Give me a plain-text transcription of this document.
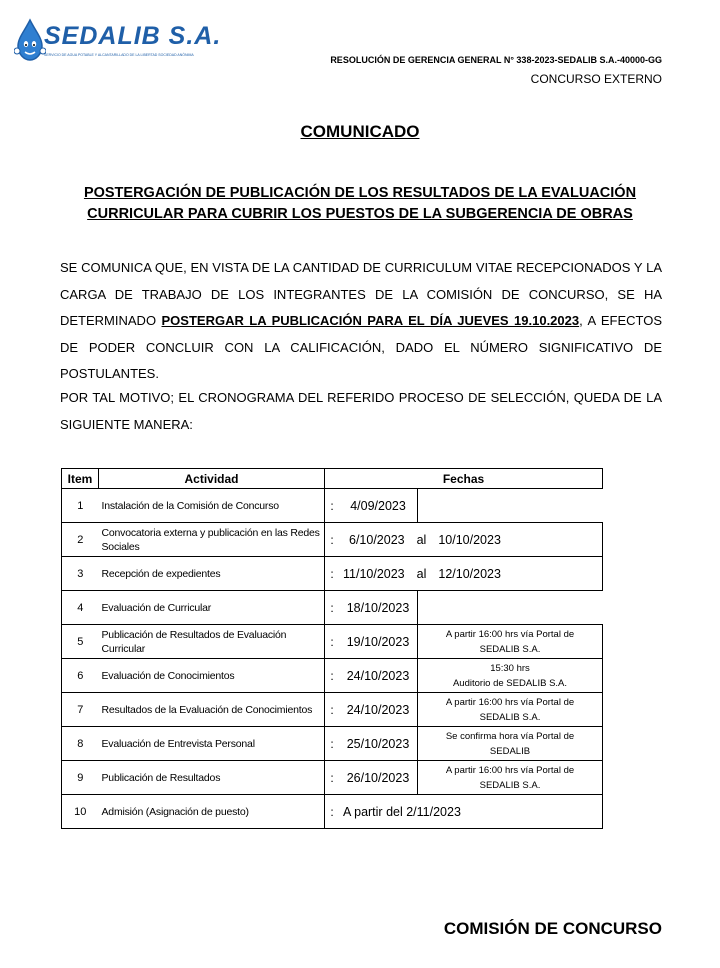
SEDALIB S.A.
SERVICIO DE AGUA POTABLE Y ALCANTARILLADO DE LA LIBERTAD SOCIEDAD ANÓNIMA	RESOLUCIÓN DE GERENCIA GENERAL N° 338-2023-SEDALIB S.A.-40000-GG
CONCURSO EXTERNO
COMUNICADO
POSTERGACIÓN DE PUBLICACIÓN DE LOS RESULTADOS DE LA EVALUACIÓN
CURRICULAR PARA CUBRIR LOS PUESTOS DE LA SUBGERENCIA DE OBRAS
SE COMUNICA QUE, EN VISTA DE LA CANTIDAD DE CURRICULUM VITAE RECEPCIONADOS Y LA CARGA DE TRABAJO DE LOS INTEGRANTES DE LA COMISIÓN DE CONCURSO, SE HA DETERMINADO POSTERGAR LA PUBLICACIÓN PARA EL DÍA JUEVES 19.10.2023, A EFECTOS DE PODER CONCLUIR CON LA CALIFICACIÓN, DADO EL NÚMERO SIGNIFICATIVO DE POSTULANTES.
POR TAL MOTIVO; EL CRONOGRAMA DEL REFERIDO PROCESO DE SELECCIÓN, QUEDA DE LA SIGUIENTE MANERA:
Item	Actividad	Fechas		
1	Instalación de la Comisión de Concurso	:	4/09/2023	
2	Convocatoria externa y publicación en las Redes Sociales	:	6/10/2023 al 10/10/2023	
3	Recepción de expedientes	:	11/10/2023 al 12/10/2023	
4	Evaluación de Curricular	:	18/10/2023	
5	Publicación de Resultados de Evaluación Curricular	:	19/10/2023	A partir 16:00 hrs vía Portal de
SEDALIB S.A.

6	Evaluación de Conocimientos	:	24/10/2023	15:30 hrs
Auditorio de SEDALIB S.A.

7	Resultados de la Evaluación de Conocimientos	:	24/10/2023	A partir 16:00 hrs vía Portal de
SEDALIB S.A.

8	Evaluación de Entrevista Personal	:	25/10/2023	Se confirma hora vía Portal de
SEDALIB

9	Publicación de Resultados	:	26/10/2023	A partir 16:00 hrs vía Portal de
SEDALIB S.A.

10	Admisión (Asignación de puesto)	:	A partir del 2/11/2023	
COMISIÓN DE CONCURSO
